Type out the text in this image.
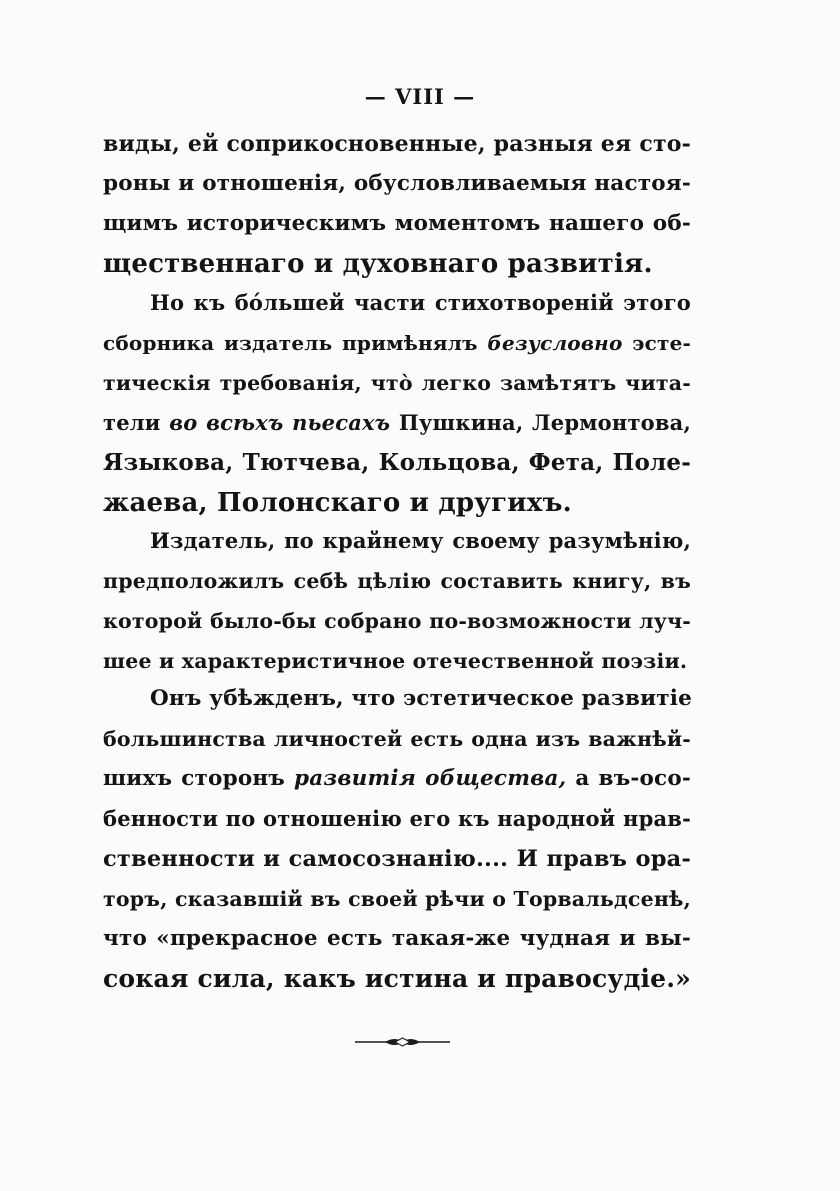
— VIII —
виды, ей соприкосновенные, разныя ея сто-
роны и отношенія, обусловливаемыя настоя-
щимъ историческимъ моментомъ нашего об-
щественнаго и духовнаго развитія.
Но къ бо́льшей части стихотвореній этого
сборника издатель примѣнялъ безусловно эсте-
тическія требованія, что̀ легко замѣтятъ чита-
тели во всѣхъ пьесахъ Пушкина, Лермонтова,
Языкова, Тютчева, Кольцова, Фета, Поле-
жаева, Полонскаго и другихъ.
Издатель, по крайнему своему разумѣнію,
предположилъ себѣ цѣлію составить книгу, въ
которой было-бы собрано по-возможности луч-
шее и характеристичное отечественной поэзіи.
Онъ убѣжденъ, что эстетическое развитіе
большинства личностей есть одна изъ важнѣй-
шихъ сторонъ развитія общества, а въ-осо-
бенности по отношенію его къ народной нрав-
ственности и самосознанію.... И правъ ора-
торъ, сказавшій въ своей рѣчи о Торвальдсенѣ,
что «прекрасное есть такая-же чудная и вы-
сокая сила, какъ истина и правосудіе.»
